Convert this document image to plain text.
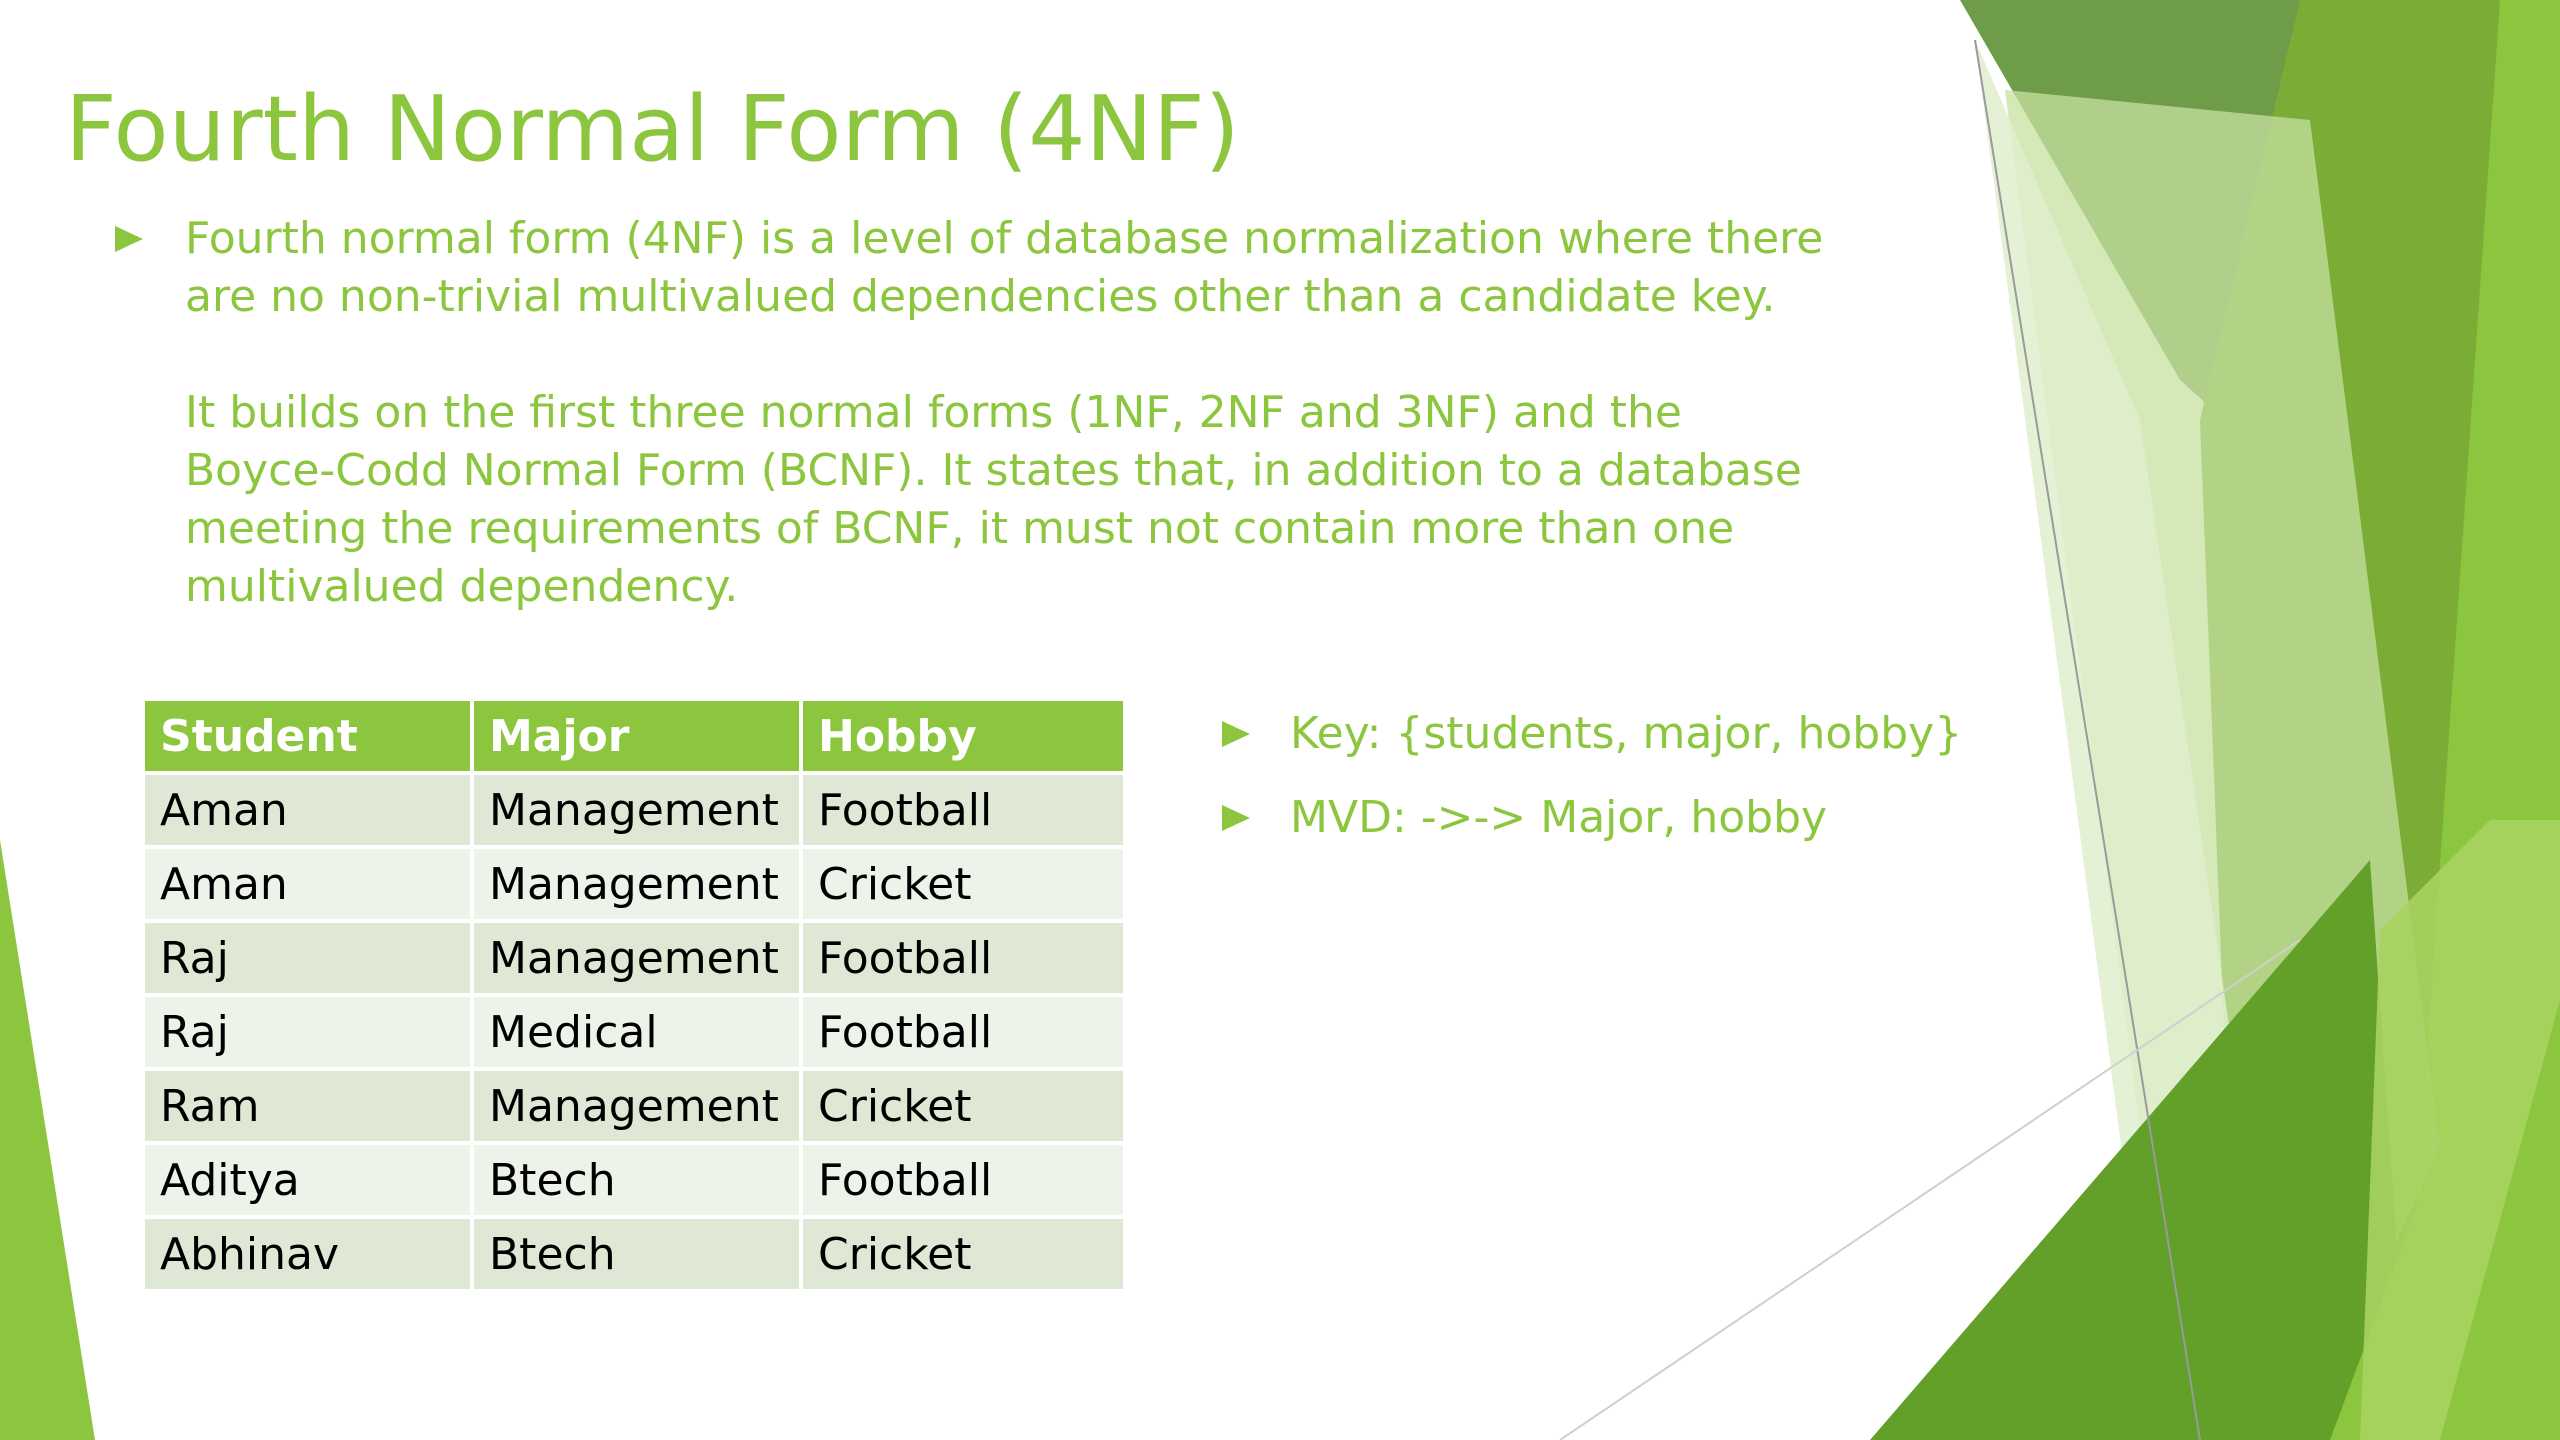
Fourth Normal Form (4NF)

Fourth normal form (4NF) is a level of database normalization where there are no non-trivial multivalued dependencies other than a candidate key.

It builds on the first three normal forms (1NF, 2NF and 3NF) and the Boyce-Codd Normal Form (BCNF). It states that, in addition to a database meeting the requirements of BCNF, it must not contain more than one multivalued dependency.

Student	Major	Hobby
Aman	Management	Football
Aman	Management	Cricket
Raj	Management	Football
Raj	Medical	Football
Ram	Management	Cricket
Aditya	Btech	Football
Abhinav	Btech	Cricket
Key: {students, major, hobby}
MVD: ->-> Major, hobby
